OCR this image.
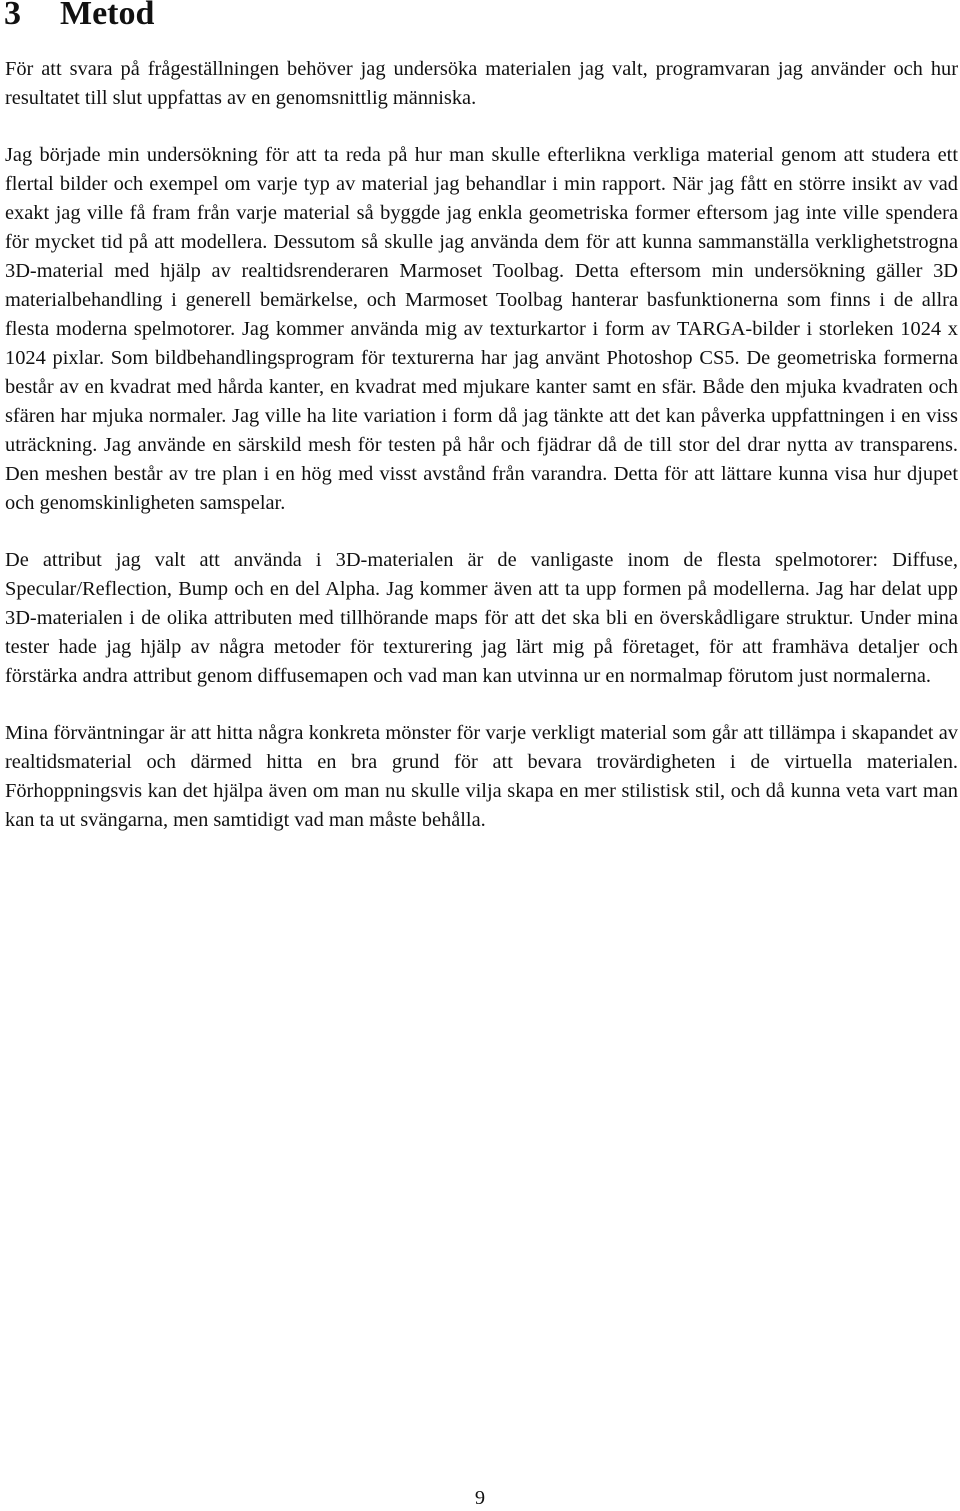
3 Metod

För att svara på frågeställningen behöver jag undersöka materialen jag valt, programvaran jag använder och hur resultatet till slut uppfattas av en genomsnittlig människa.

Jag började min undersökning för att ta reda på hur man skulle efterlikna verkliga material genom att studera ett flertal bilder och exempel om varje typ av material jag behandlar i min rapport. När jag fått en större insikt av vad exakt jag ville få fram från varje material så byggde jag enkla geometriska former eftersom jag inte ville spendera för mycket tid på att modellera. Dessutom så skulle jag använda dem för att kunna sammanställa verklighetstrogna 3D-material med hjälp av realtidsrenderaren Marmoset Toolbag. Detta eftersom min undersökning gäller 3D materialbehandling i generell bemärkelse, och Marmoset Toolbag hanterar basfunktionerna som finns i de allra flesta moderna spelmotorer. Jag kommer använda mig av texturkartor i form av TARGA-bilder i storleken 1024 x 1024 pixlar. Som bildbehandlingsprogram för texturerna har jag använt Photoshop CS5. De geometriska formerna består av en kvadrat med hårda kanter, en kvadrat med mjukare kanter samt en sfär. Både den mjuka kvadraten och sfären har mjuka normaler. Jag ville ha lite variation i form då jag tänkte att det kan påverka uppfattningen i en viss uträckning. Jag använde en särskild mesh för testen på hår och fjädrar då de till stor del drar nytta av transparens. Den meshen består av tre plan i en hög med visst avstånd från varandra. Detta för att lättare kunna visa hur djupet och genomskinligheten samspelar.

De attribut jag valt att använda i 3D-materialen är de vanligaste inom de flesta spelmotorer: Diffuse, Specular/Reflection, Bump och en del Alpha. Jag kommer även att ta upp formen på modellerna. Jag har delat upp 3D-materialen i de olika attributen med tillhörande maps för att det ska bli en överskådligare struktur. Under mina tester hade jag hjälp av några metoder för texturering jag lärt mig på företaget, för att framhäva detaljer och förstärka andra attribut genom diffusemapen och vad man kan utvinna ur en normalmap förutom just normalerna.

Mina förväntningar är att hitta några konkreta mönster för varje verkligt material som går att tillämpa i skapandet av realtidsmaterial och därmed hitta en bra grund för att bevara trovärdigheten i de virtuella materialen. Förhoppningsvis kan det hjälpa även om man nu skulle vilja skapa en mer stilistisk stil, och då kunna veta vart man kan ta ut svängarna, men samtidigt vad man måste behålla.

9
